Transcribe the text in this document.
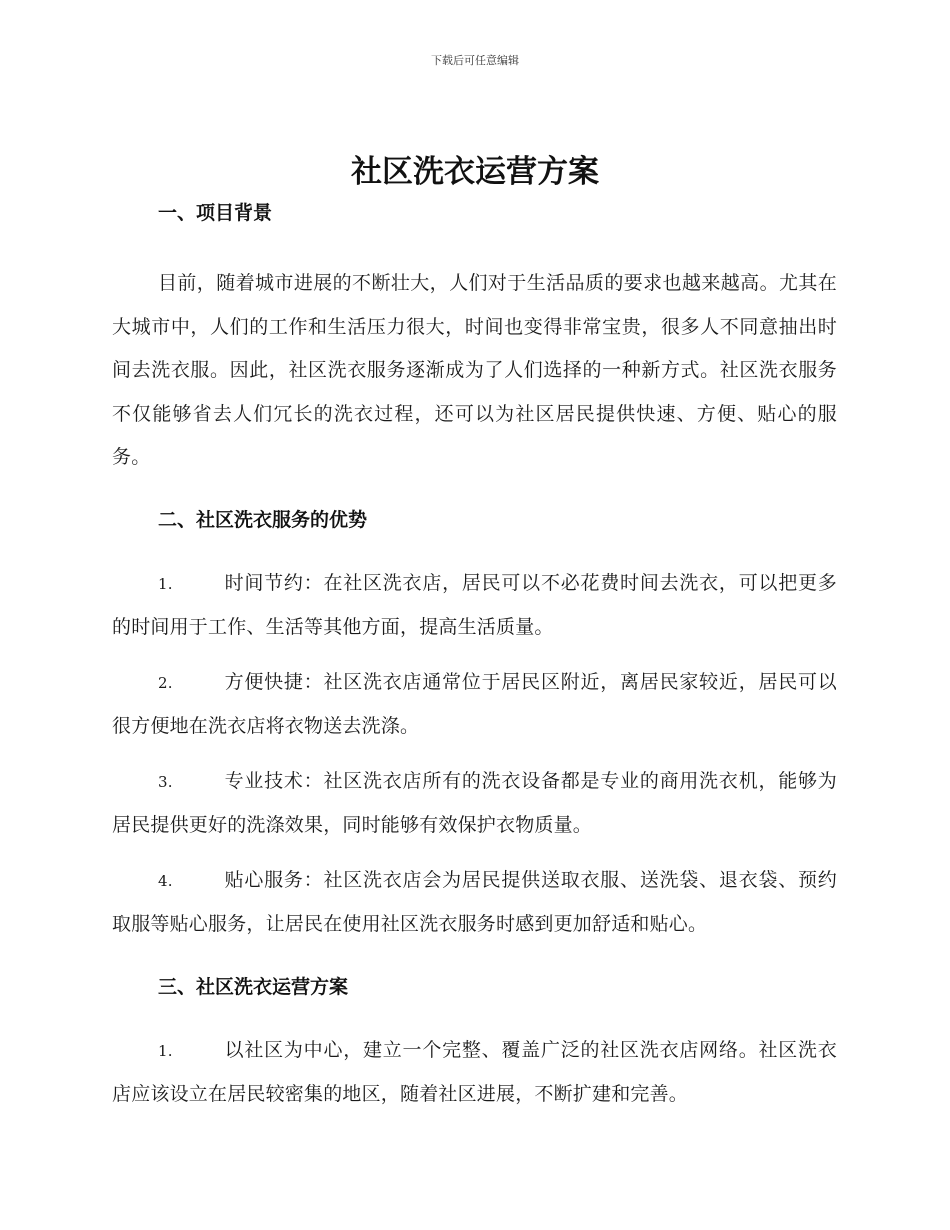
下载后可任意编辑
社区洗衣运营方案
一、项目背景

目前，随着城市进展的不断壮大，人们对于生活品质的要求也越来越高。尤其在大城市中，人们的工作和生活压力很大，时间也变得非常宝贵，很多人不同意抽出时间去洗衣服。因此，社区洗衣服务逐渐成为了人们选择的一种新方式。社区洗衣服务不仅能够省去人们冗长的洗衣过程，还可以为社区居民提供快速、方便、贴心的服务。

二、社区洗衣服务的优势

1.	时间节约：在社区洗衣店，居民可以不必花费时间去洗衣，可以把更多的时间用于工作、生活等其他方面，提高生活质量。

2.	方便快捷：社区洗衣店通常位于居民区附近，离居民家较近，居民可以很方便地在洗衣店将衣物送去洗涤。

3.	专业技术：社区洗衣店所有的洗衣设备都是专业的商用洗衣机，能够为居民提供更好的洗涤效果，同时能够有效保护衣物质量。

4.	贴心服务：社区洗衣店会为居民提供送取衣服、送洗袋、退衣袋、预约取服等贴心服务，让居民在使用社区洗衣服务时感到更加舒适和贴心。

三、社区洗衣运营方案

1.	以社区为中心，建立一个完整、覆盖广泛的社区洗衣店网络。社区洗衣店应该设立在居民较密集的地区，随着社区进展，不断扩建和完善。
